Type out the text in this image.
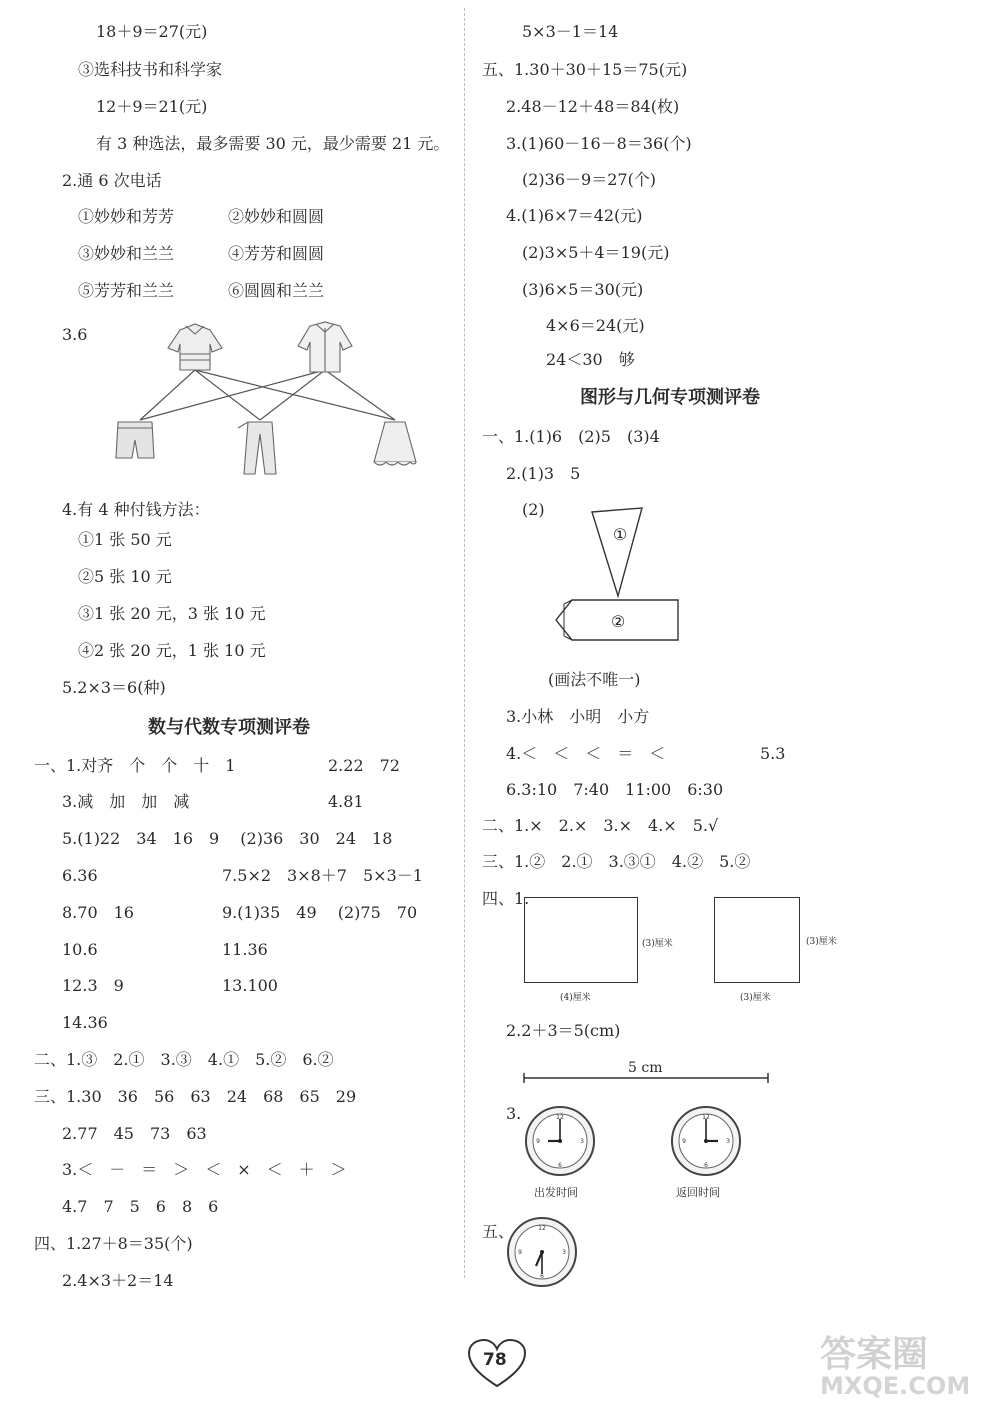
18＋9＝27(元)
③选科技书和科学家
12＋9＝21(元)
有 3 种选法，最多需要 30 元，最少需要 21 元。
2.通 6 次电话
①妙妙和芳芳	②妙妙和圆圆
③妙妙和兰兰	④芳芳和圆圆
⑤芳芳和兰兰	⑥圆圆和兰兰
3.6
4.有 4 种付钱方法：
①1 张 50 元
②5 张 10 元
③1 张 20 元，3 张 10 元
④2 张 20 元，1 张 10 元
5.2×3＝6(种)
数与代数专项测评卷
一、1.对齐　个　个　十　1	2.22　72
3.减　加　加　减	4.81
5.(1)22　34　16　9　 (2)36　30　24　18
6.36	7.5×2　3×8＋7　5×3－1
8.70　16	9.(1)35　49　 (2)75　70
10.6	11.36
12.3　9	13.100
14.36
二、1.③　2.①　3.③　4.①　5.②　6.②
三、1.30　36　56　63　24　68　65　29
2.77　45　73　63
3.＜　－　＝　＞　＜　×　＜　＋　＞
4.7　7　5　6　8　6
四、1.27＋8＝35(个)
2.4×3＋2＝14
5×3－1＝14
五、1.30＋30＋15＝75(元)
2.48－12＋48＝84(枚)
3.(1)60－16－8＝36(个)
(2)36－9＝27(个)
4.(1)6×7＝42(元)
(2)3×5＋4＝19(元)
(3)6×5＝30(元)
4×6＝24(元)
24＜30　够
图形与几何专项测评卷
一、1.(1)6　(2)5　(3)4
2.(1)3　5
(2)
①
②
(画法不唯一)
3.小林　小明　小方
4.＜　＜　＜　＝　＜	5.3
6.3:10　7:40　11:00　6:30
二、1.×　2.×　3.×　4.×　5.√
三、1.②　2.①　3.③①　4.②　5.②
四、1.
(3)厘米
(4)厘米
(3)厘米
(3)厘米
2.2＋3＝5(cm)
5 cm
3.	12
3
6
9
出发时间
12
3
6
9
返回时间
五、	12
3
6
9
78	答案圈
MXQE.COM
